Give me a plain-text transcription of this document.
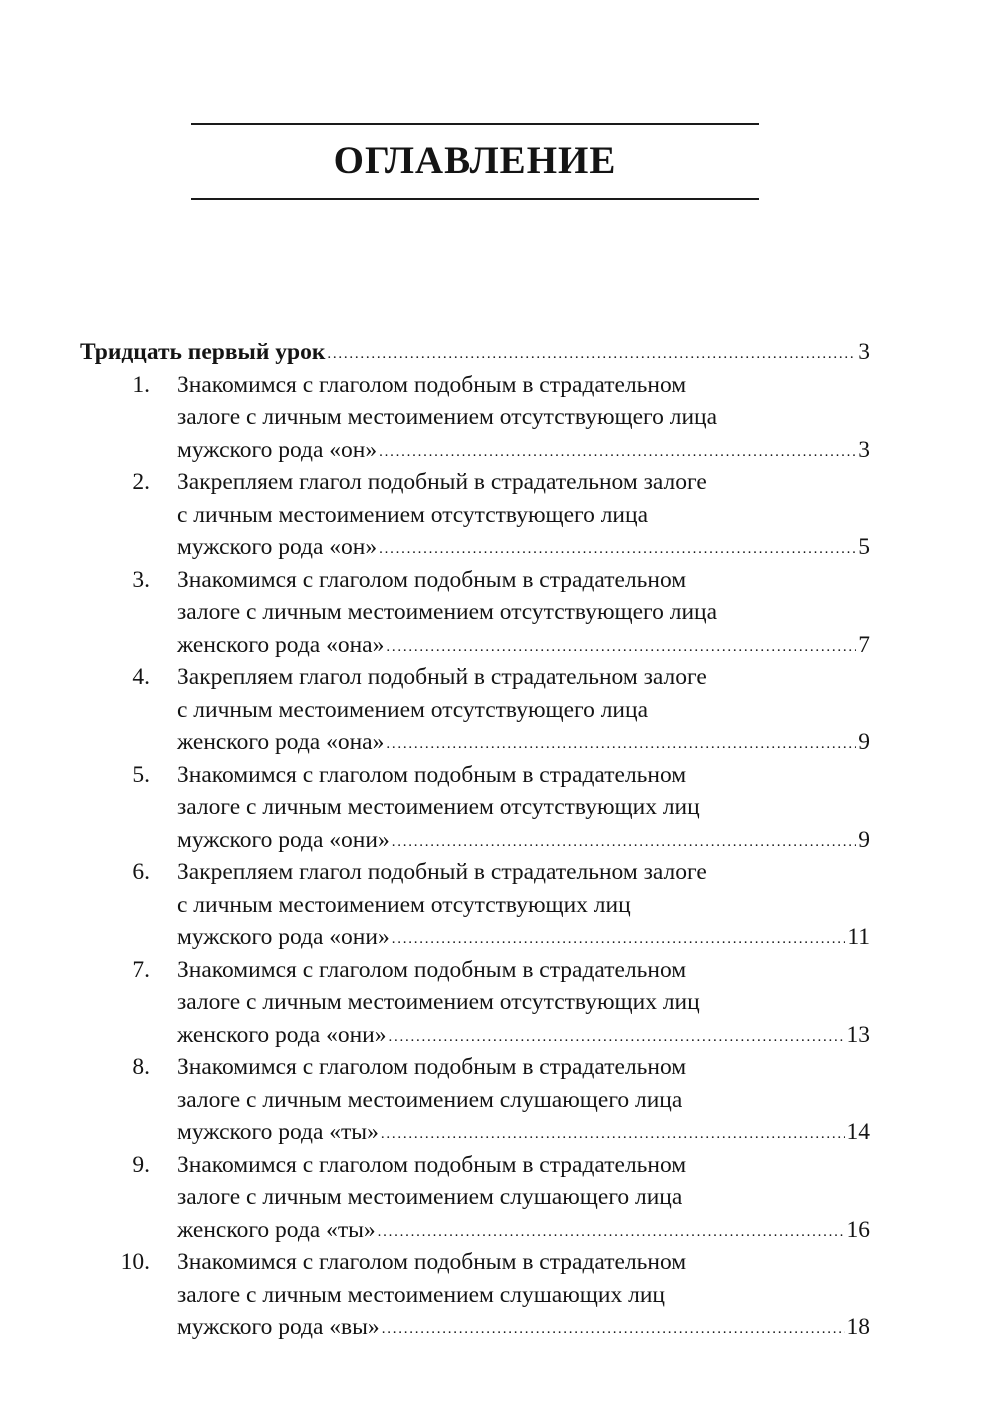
ОГЛАВЛЕНИЕ
Тридцать первый урок . . .	3
1.	Знакомимся с глаголом подобным в страдательном
залоге с личным местоимением отсутствующего лица
мужского рода «он» . . .	3
2.	Закрепляем глагол подобный в страдательном залоге
с личным местоимением отсутствующего лица
мужского рода «он» . . .	5
3.	Знакомимся с глаголом подобным в страдательном
залоге с личным местоимением отсутствующего лица
женского рода «она» . . .	7
4.	Закрепляем глагол подобный в страдательном залоге
с личным местоимением отсутствующего лица
женского рода «она» . . .	9
5.	Знакомимся с глаголом подобным в страдательном
залоге с личным местоимением отсутствующих лиц
мужского рода «они» . . .	9
6.	Закрепляем глагол подобный в страдательном залоге
с личным местоимением отсутствующих лиц
мужского рода «они» . . .	11
7.	Знакомимся с глаголом подобным в страдательном
залоге с личным местоимением отсутствующих лиц
женского рода «они» . . .	13
8.	Знакомимся с глаголом подобным в страдательном
залоге с личным местоимением слушающего лица
мужского рода «ты» . . .	14
9.	Знакомимся с глаголом подобным в страдательном
залоге с личным местоимением слушающего лица
женского рода «ты» . . .	16
10.	Знакомимся с глаголом подобным в страдательном
залоге с личным местоимением слушающих лиц
мужского рода «вы» . . .	18
